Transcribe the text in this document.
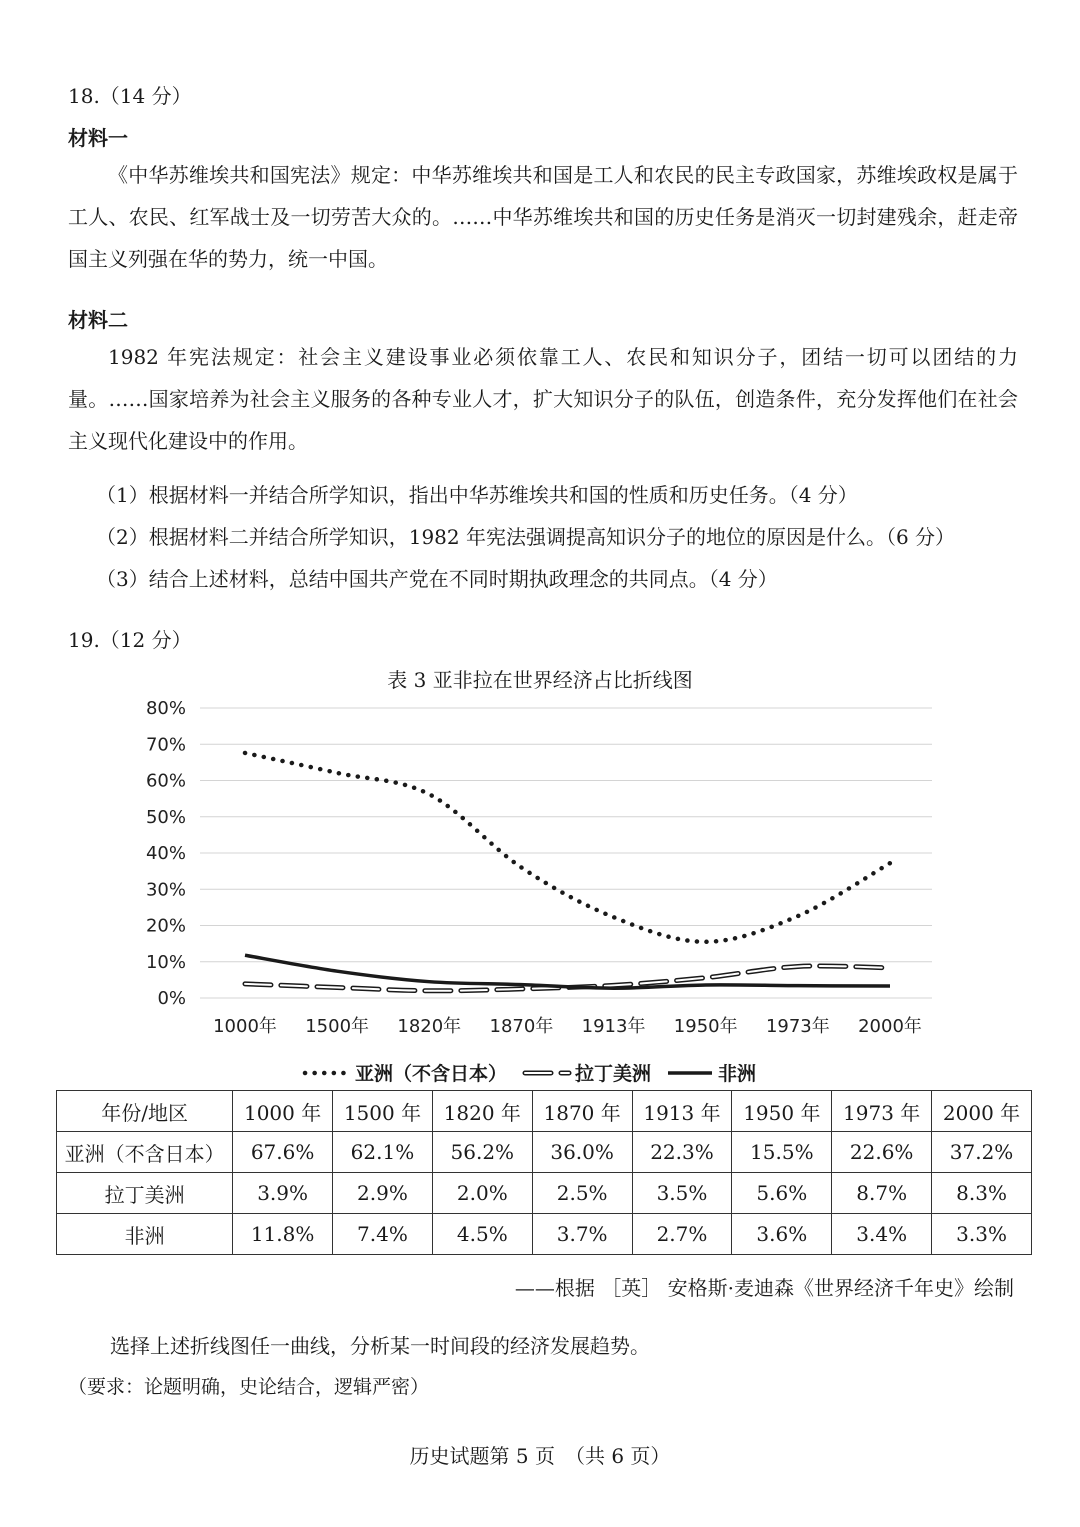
18.（14 分）
材料一

《中华苏维埃共和国宪法》规定：中华苏维埃共和国是工人和农民的民主专政国家，苏维埃政权是属于工人、农民、红军战士及一切劳苦大众的。……中华苏维埃共和国的历史任务是消灭一切封建残余，赶走帝国主义列强在华的势力，统一中国。

材料二

1982 年宪法规定：社会主义建设事业必须依靠工人、农民和知识分子，团结一切可以团结的力量。……国家培养为社会主义服务的各种专业人才，扩大知识分子的队伍，创造条件，充分发挥他们在社会主义现代化建设中的作用。

（1）根据材料一并结合所学知识，指出中华苏维埃共和国的性质和历史任务。（4 分）
（2）根据材料二并结合所学知识，1982 年宪法强调提高知识分子的地位的原因是什么。（6 分）
（3）结合上述材料，总结中国共产党在不同时期执政理念的共同点。（4 分）
19.（12 分）
表 3 亚非拉在世界经济占比折线图
0%
10%
20%
30%
40%
50%
60%
70%
80%
1000年 1500年 1820年 1870年 1913年 1950年 1973年 2000年
亚洲（不含日本）	拉丁美洲	非洲
年份/地区	1000 年	1500 年	1820 年	1870 年	1913 年	1950 年	1973 年	2000 年
亚洲（不含日本）	67.6%	62.1%	56.2%	36.0%	22.3%	15.5%	22.6%	37.2%
拉丁美洲	3.9%	2.9%	2.0%	2.5%	3.5%	5.6%	8.7%	8.3%
非洲	11.8%	7.4%	4.5%	3.7%	2.7%	3.6%	3.4%	3.3%
——根据 ［英］ 安格斯·麦迪森《世界经济千年史》绘制
选择上述折线图任一曲线，分析某一时间段的经济发展趋势。
（要求：论题明确，史论结合，逻辑严密）
历史试题第 5 页　（共 6 页）
